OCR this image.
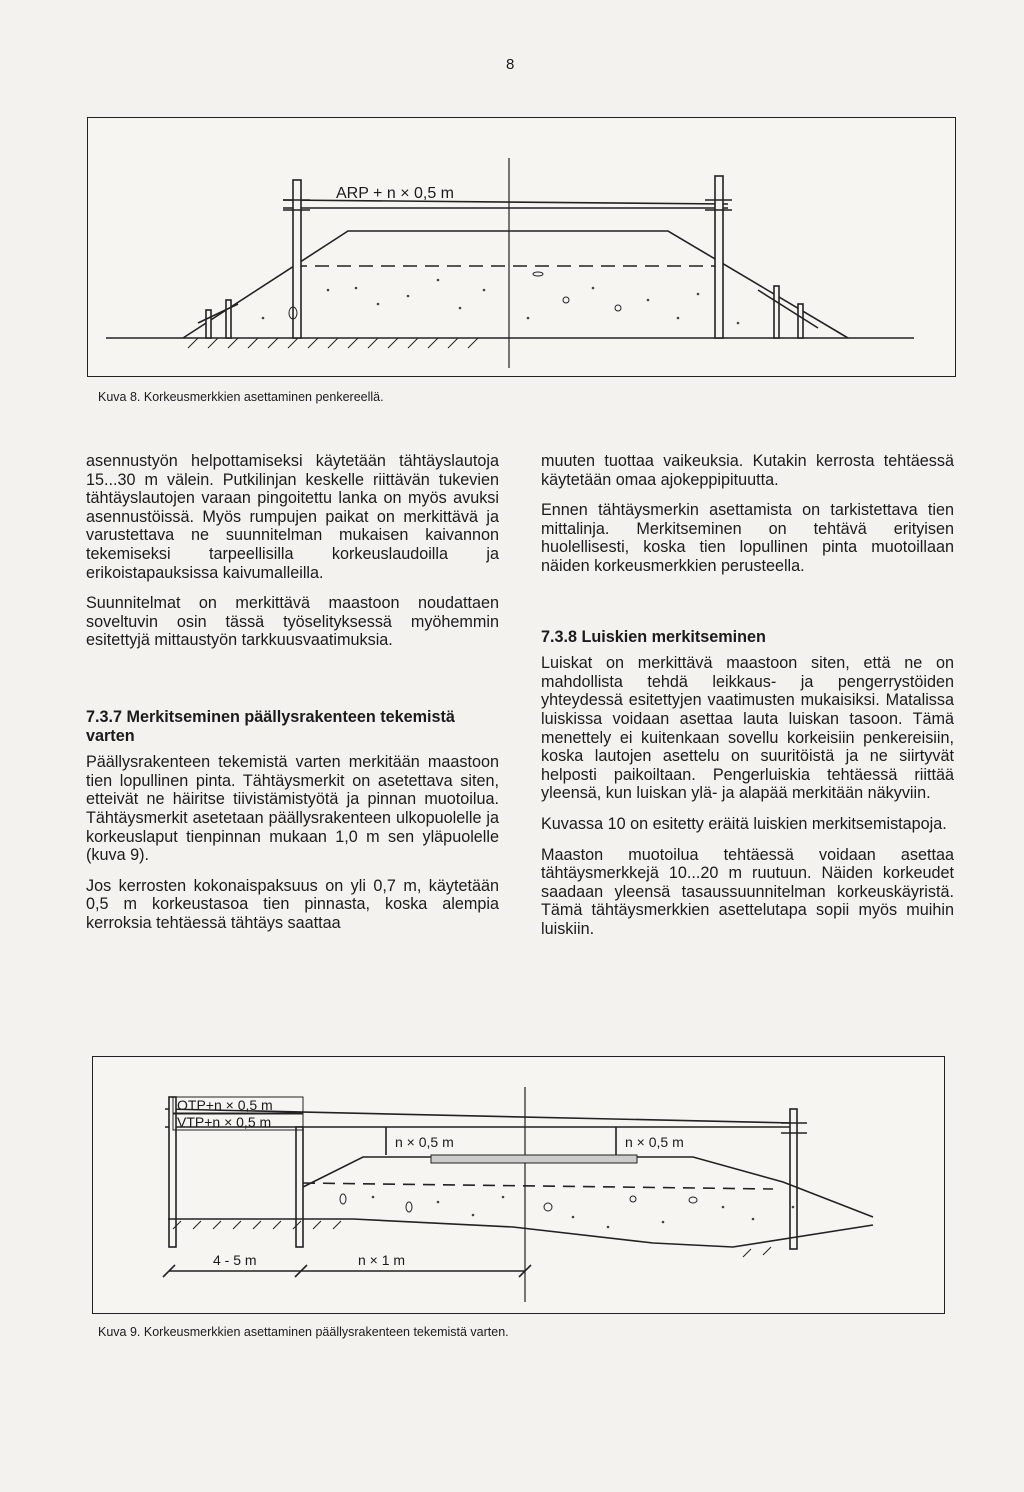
8
ARP + n × 0,5 m
Kuva 8. Korkeusmerkkien asettaminen penkereellä.

asennustyön helpottamiseksi käytetään tähtäyslautoja 15...30 m välein. Putkilinjan keskelle riittävän tukevien tähtäyslautojen varaan pingoitettu lanka on myös avuksi asennustöissä. Myös rumpujen paikat on merkittävä ja varustettava ne suunnitelman mukaisen kaivannon tekemiseksi tarpeellisilla korkeuslaudoilla ja erikoistapauksissa kaivumalleilla.

Suunnitelmat on merkittävä maastoon noudattaen soveltuvin osin tässä työselityksessä myöhemmin esitettyjä mittaustyön tarkkuusvaatimuksia.

7.3.7 Merkitseminen päällysrakenteen tekemistä varten

Päällysrakenteen tekemistä varten merkitään maastoon tien lopullinen pinta. Tähtäysmerkit on asetettava siten, etteivät ne häiritse tiivistämistyötä ja pinnan muotoilua. Tähtäysmerkit asetetaan päällysrakenteen ulkopuolelle ja korkeuslaput tienpinnan mukaan 1,0 m sen yläpuolelle (kuva 9).

Jos kerrosten kokonaispaksuus on yli 0,7 m, käytetään 0,5 m korkeustasoa tien pinnasta, koska alempia kerroksia tehtäessä tähtäys saattaa

muuten tuottaa vaikeuksia. Kutakin kerrosta tehtäessä käytetään omaa ajokeppipituutta.

Ennen tähtäysmerkin asettamista on tarkistettava tien mittalinja. Merkitseminen on tehtävä erityisen huolellisesti, koska tien lopullinen pinta muotoillaan näiden korkeusmerkkien perusteella.

7.3.8 Luiskien merkitseminen

Luiskat on merkittävä maastoon siten, että ne on mahdollista tehdä leikkaus- ja pengerrystöiden yhteydessä esitettyjen vaatimusten mukaisiksi. Matalissa luiskissa voidaan asettaa lauta luiskan tasoon. Tämä menettely ei kuitenkaan sovellu korkeisiin penkereisiin, koska lautojen asettelu on suuritöistä ja ne siirtyvät helposti paikoiltaan. Pengerluiskia tehtäessä riittää yleensä, kun luiskan ylä- ja alapää merkitään näkyviin.

Kuvassa 10 on esitetty eräitä luiskien merkitsemistapoja.

Maaston muotoilua tehtäessä voidaan asettaa tähtäysmerkkejä 10...20 m ruutuun. Näiden korkeudet saadaan yleensä tasaussuunnitelman korkeuskäyristä. Tämä tähtäysmerkkien asettelutapa sopii myös muihin luiskiin.

OTP+n × 0,5 m
VTP+n × 0,5 m
n × 0,5 m	n × 0,5 m
4 - 5 m	n × 1 m
Kuva 9. Korkeusmerkkien asettaminen päällysrakenteen tekemistä varten.
